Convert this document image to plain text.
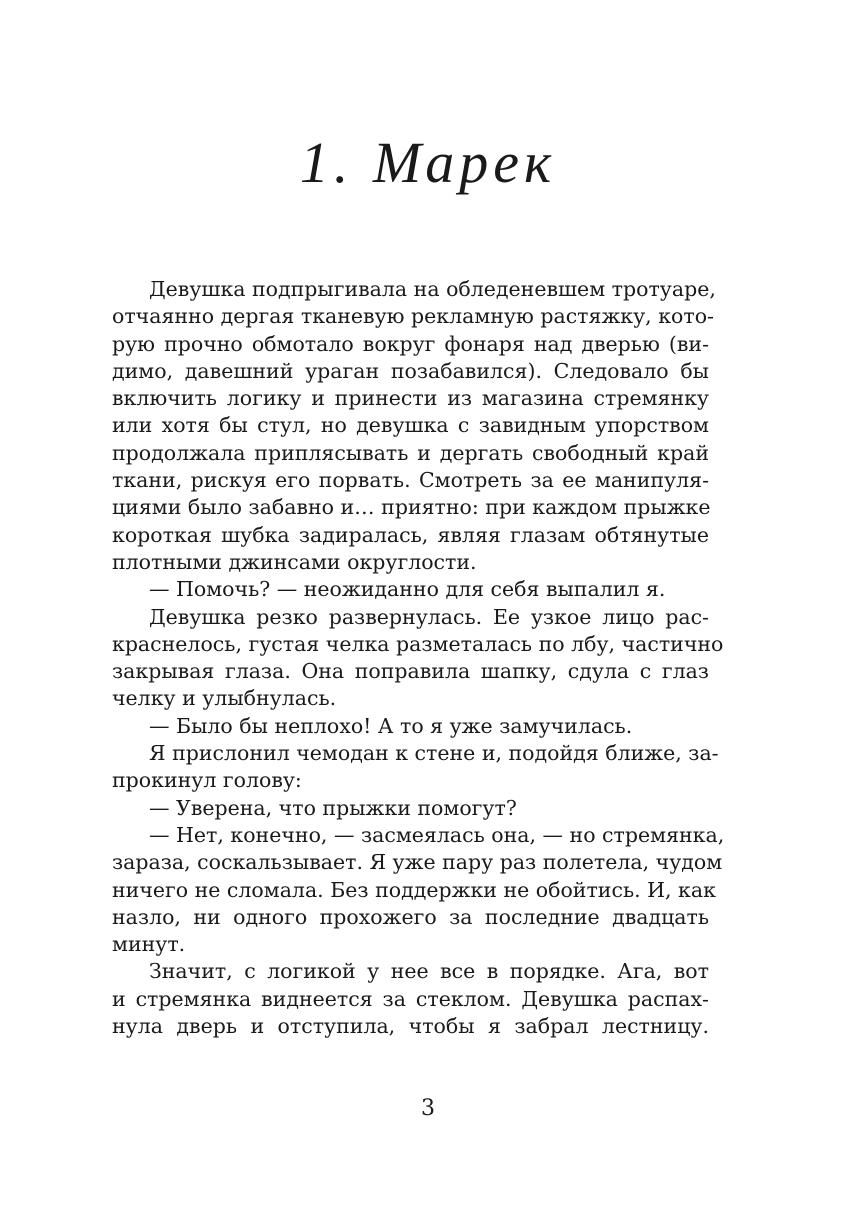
1. Марек
Девушка подпрыгивала на обледеневшем тротуаре,
отчаянно дергая тканевую рекламную растяжку, кото-
рую прочно обмотало вокруг фонаря над дверью (ви-
димо, давешний ураган позабавился). Следовало бы
включить логику и принести из магазина стремянку
или хотя бы стул, но девушка с завидным упорством
продолжала приплясывать и дергать свободный край
ткани, рискуя его порвать. Смотреть за ее манипуля-
циями было забавно и… приятно: при каждом прыжке
короткая шубка задиралась, являя глазам обтянутые
плотными джинсами округлости.
— Помочь? — неожиданно для себя выпалил я.
Девушка резко развернулась. Ее узкое лицо рас-
краснелось, густая челка разметалась по лбу, частично
закрывая глаза. Она поправила шапку, сдула с глаз
челку и улыбнулась.
— Было бы неплохо! А то я уже замучилась.
Я прислонил чемодан к стене и, подойдя ближе, за-
прокинул голову:
— Уверена, что прыжки помогут?
— Нет, конечно, — засмеялась она, — но стремянка,
зараза, соскальзывает. Я уже пару раз полетела, чудом
ничего не сломала. Без поддержки не обойтись. И, как
назло, ни одного прохожего за последние двадцать
минут.
Значит, с логикой у нее все в порядке. Ага, вот
и стремянка виднеется за стеклом. Девушка распах-
нула дверь и отступила, чтобы я забрал лестницу.
3
